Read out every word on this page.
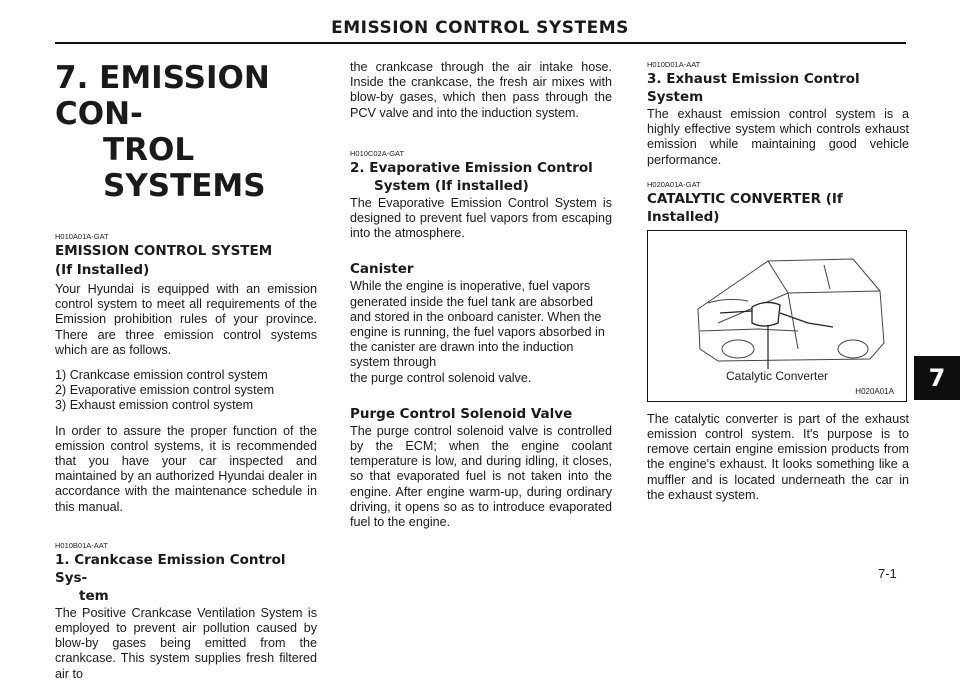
EMISSION CONTROL SYSTEMS
7. EMISSION CON-
TROL SYSTEMS
H010A01A-GAT
EMISSION CONTROL SYSTEM
(If Installed)

Your Hyundai is equipped with an emission control system to meet all requirements of the Emission prohibition rules of your province. There are three emission control systems which are as follows.

1) Crankcase emission control system
2) Evaporative emission control system
3) Exhaust emission control system

In order to assure the proper function of the emission control systems, it is recommended that you have your car inspected and maintained by an authorized Hyundai dealer in accordance with the maintenance schedule in this manual.

H010B01A-AAT
1. Crankcase Emission Control Sys-

tem

The Positive Crankcase Ventilation System is employed to prevent air pollution caused by blow-by gases being emitted from the crankcase. This system supplies fresh filtered air to

the crankcase through the air intake hose. Inside the crankcase, the fresh air mixes with blow-by gases, which then pass through the PCV valve and into the induction system.

H010C02A-GAT
2. Evaporative Emission Control

System (If installed)

The Evaporative Emission Control System is designed to prevent fuel vapors from escaping into the atmosphere.

Canister

While the engine is inoperative, fuel vapors generated inside the fuel tank are absorbed and stored in the onboard canister. When the engine is running, the fuel vapors absorbed in the canister are drawn into the induction system through

the purge control solenoid valve.

Purge Control Solenoid Valve

The purge control solenoid valve is controlled by the ECM; when the engine coolant temperature is low, and during idling, it closes, so that evaporated fuel is not taken into the engine. After engine warm-up, during ordinary driving, it opens so as to introduce evaporated fuel to the engine.

H010D01A-AAT
3. Exhaust Emission Control System

The exhaust emission control system is a highly effective system which controls exhaust emission while maintaining good vehicle performance.

H020A01A-GAT
CATALYTIC CONVERTER (If Installed)
Catalytic Converter
H020A01A

The catalytic converter is part of the exhaust emission control system. It's purpose is to remove certain engine emission products from the engine's exhaust. It looks something like a muffler and is located underneath the car in the exhaust system.

7
7-1
